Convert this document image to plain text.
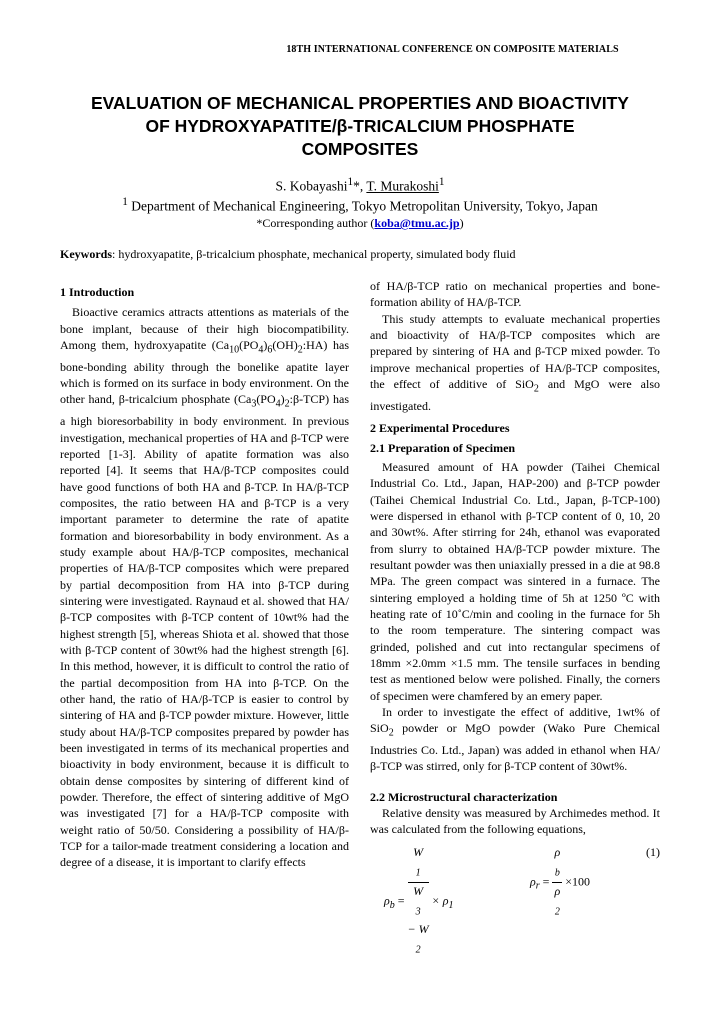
18TH INTERNATIONAL CONFERENCE ON COMPOSITE MATERIALS
EVALUATION OF MECHANICAL PROPERTIES AND BIOACTIVITY
OF HYDROXYAPATITE/β-TRICALCIUM PHOSPHATE
COMPOSITES
S. Kobayashi$^1$*, T. Murakoshi$^1$
$^1$ Department of Mechanical Engineering, Tokyo Metropolitan University, Tokyo, Japan
*Corresponding author (koba@tmu.ac.jp)
Keywords: hydroxyapatite, β-tricalcium phosphate, mechanical property, simulated body fluid

1 Introduction

Bioactive ceramics attracts attentions as materials of the bone implant, because of their high biocompatibility. Among them, hydroxyapatite $(Ca_{10}(PO_4)_6(OH)_2:HA)$ has bone-bonding ability through the bonelike apatite layer which is formed on its surface in body environment. On the other hand, β-tricalcium phosphate $(Ca_3(PO_4)_2:\beta-TCP)$ has a high bioresorbability in body environment. In previous investigation, mechanical properties of HA and β-TCP were reported [1-3]. Ability of apatite formation was also reported [4]. It seems that HA/β-TCP composites could have good functions of both HA and β-TCP. In HA/β-TCP composites, the ratio between HA and β-TCP is a very important parameter to determine the rate of apatite formation and bioresorbability in body environment. As a study example about HA/β-TCP composites, mechanical properties of HA/β-TCP composites which were prepared by partial decomposition from HA into β-TCP during sintering were investigated. Raynaud et al. showed that HA/β-TCP composites with β-TCP content of 10wt% had the highest strength [5], whereas Shiota et al. showed that those with β-TCP content of 30wt% had the highest strength [6]. In this method, however, it is difficult to control the ratio of the partial decomposition from HA into β-TCP. On the other hand, the ratio of HA/β-TCP is easier to control by sintering of HA and β-TCP powder mixture. However, little study about HA/β-TCP composites prepared by powder has been investigated in terms of its mechanical properties and bioactivity in body environment, because it is difficult to obtain dense composites by sintering of different kind of powder. Therefore, the effect of sintering additive of MgO was investigated [7] for a HA/β-TCP composite with weight ratio of 50/50. Considering a possibility of HA/β-TCP for a tailor-made treatment considering a location and degree of a disease, it is important to clarify effects

of HA/β-TCP ratio on mechanical properties and bone-formation ability of HA/β-TCP.

This study attempts to evaluate mechanical properties and bioactivity of HA/β-TCP composites which are prepared by sintering of HA and β-TCP mixed powder. To improve mechanical properties of HA/β-TCP composites, the effect of additive of SiO$_2$ and MgO were also investigated.

2 Experimental Procedures

2.1 Preparation of Specimen

Measured amount of HA powder (Taihei Chemical Industrial Co. Ltd., Japan, HAP-200) and β-TCP powder (Taihei Chemical Industrial Co. Ltd., Japan, β-TCP-100) were dispersed in ethanol with β-TCP content of 0, 10, 20 and 30wt%. After stirring for 24h, ethanol was evaporated from slurry to obtained HA/β-TCP powder mixture. The resultant powder was then uniaxially pressed in a die at 98.8 MPa. The green compact was sintered in a furnace. The sintering employed a holding time of 5h at 1250 ºC with heating rate of 10˚C/min and cooling in the furnace for 5h to the room temperature. The sintering compact was grinded, polished and cut into rectangular specimens of 18mm ×2.0mm ×1.5 mm. The tensile surfaces in bending test as mentioned below were polished. Finally, the corners of specimen were chamfered by an emery paper.

In order to investigate the effect of additive, 1wt% of SiO$_2$ powder or MgO powder (Wako Pure Chemical Industries Co. Ltd., Japan) was added in ethanol when HA/β-TCP was stirred, only for β-TCP content of 30wt%.

2.2 Microstructural characterization

Relative density was measured by Archimedes method. It was calculated from the following equations,

$\rho_b = W$
$_1$
W
$_3$
− W
$_2 \times \rho_1$
$\rho_r = \rho$
$_b$
ρ
$_2$ ×100
(1)
